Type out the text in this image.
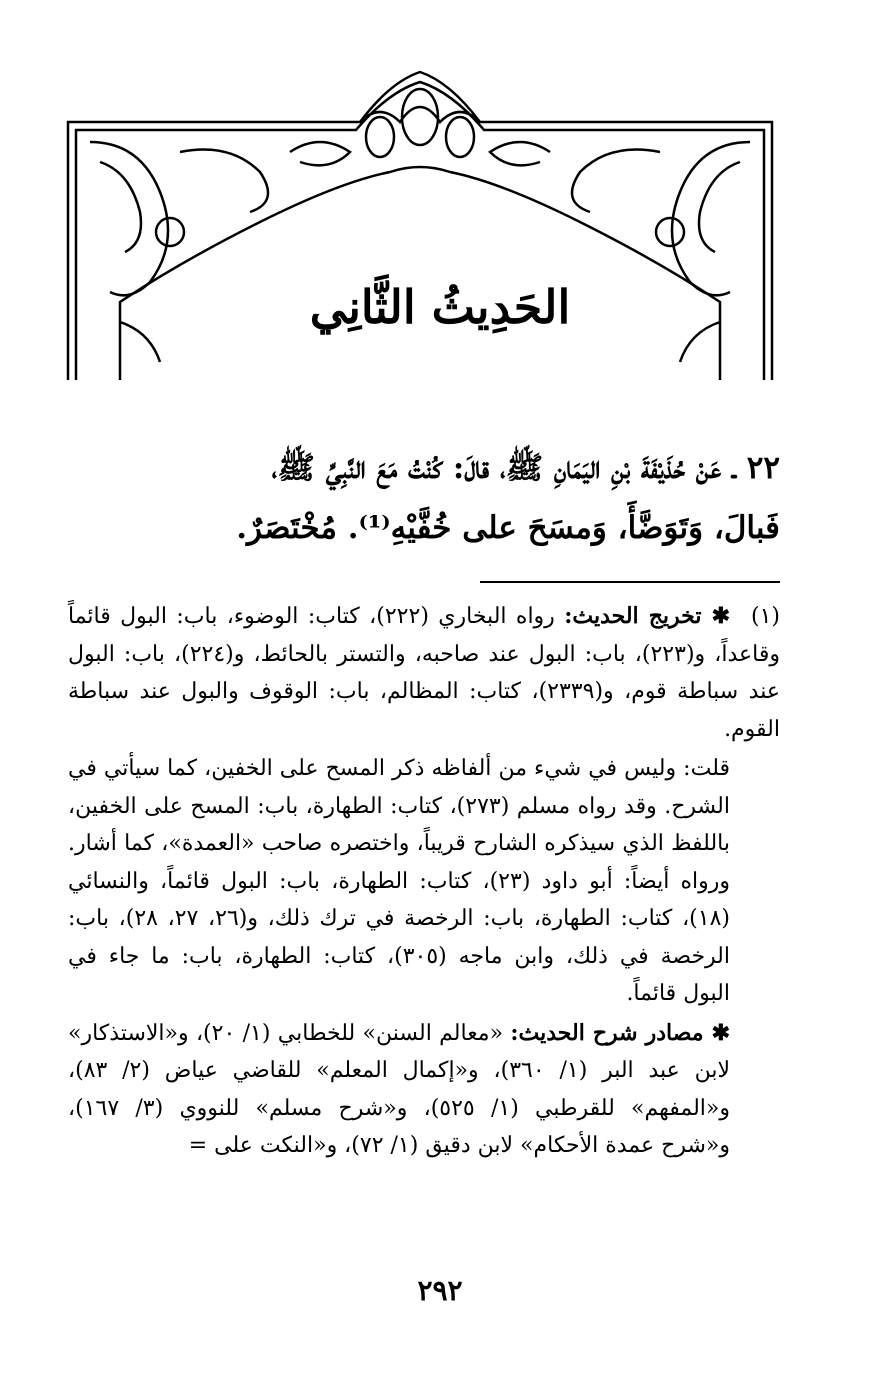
الحَدِيثُ الثَّانِي

٢٢ ـ عَنْ حُذَيْفَةَ بْنِ اليَمَانِ ﷺ، قالَ: كُنْتُ مَعَ النَّبِيِّ ﷺ،

فَبالَ، وَتَوَضَّأَ، وَمسَحَ على خُفَّيْهِ⁽¹⁾. مُخْتَصَرٌ.

(١)✱ تخريج الحديث: رواه البخاري (٢٢٢)، كتاب: الوضوء، باب: البول قائماً وقاعداً، و(٢٢٣)، باب: البول عند صاحبه، والتستر بالحائط، و(٢٢٤)، باب: البول عند سباطة قوم، و(٢٣٣٩)، كتاب: المظالم، باب: الوقوف والبول عند سباطة القوم.

قلت: وليس في شيء من ألفاظه ذكر المسح على الخفين، كما سيأتي في الشرح. وقد رواه مسلم (٢٧٣)، كتاب: الطهارة، باب: المسح على الخفين، باللفظ الذي سيذكره الشارح قريباً، واختصره صاحب «العمدة»، كما أشار. ورواه أيضاً: أبو داود (٢٣)، كتاب: الطهارة، باب: البول قائماً، والنسائي (١٨)، كتاب: الطهارة، باب: الرخصة في ترك ذلك، و(٢٦، ٢٧، ٢٨)، باب: الرخصة في ذلك، وابن ماجه (٣٠٥)، كتاب: الطهارة، باب: ما جاء في البول قائماً.

✱ مصادر شرح الحديث: «معالم السنن» للخطابي (١/ ٢٠)، و«الاستذكار» لابن عبد البر (١/ ٣٦٠)، و«إكمال المعلم» للقاضي عياض (٢/ ٨٣)، و«المفهم» للقرطبي (١/ ٥٢٥)، و«شرح مسلم» للنووي (٣/ ١٦٧)، و«شرح عمدة الأحكام» لابن دقيق (١/ ٧٢)، و«النكت على =

٢٩٢
